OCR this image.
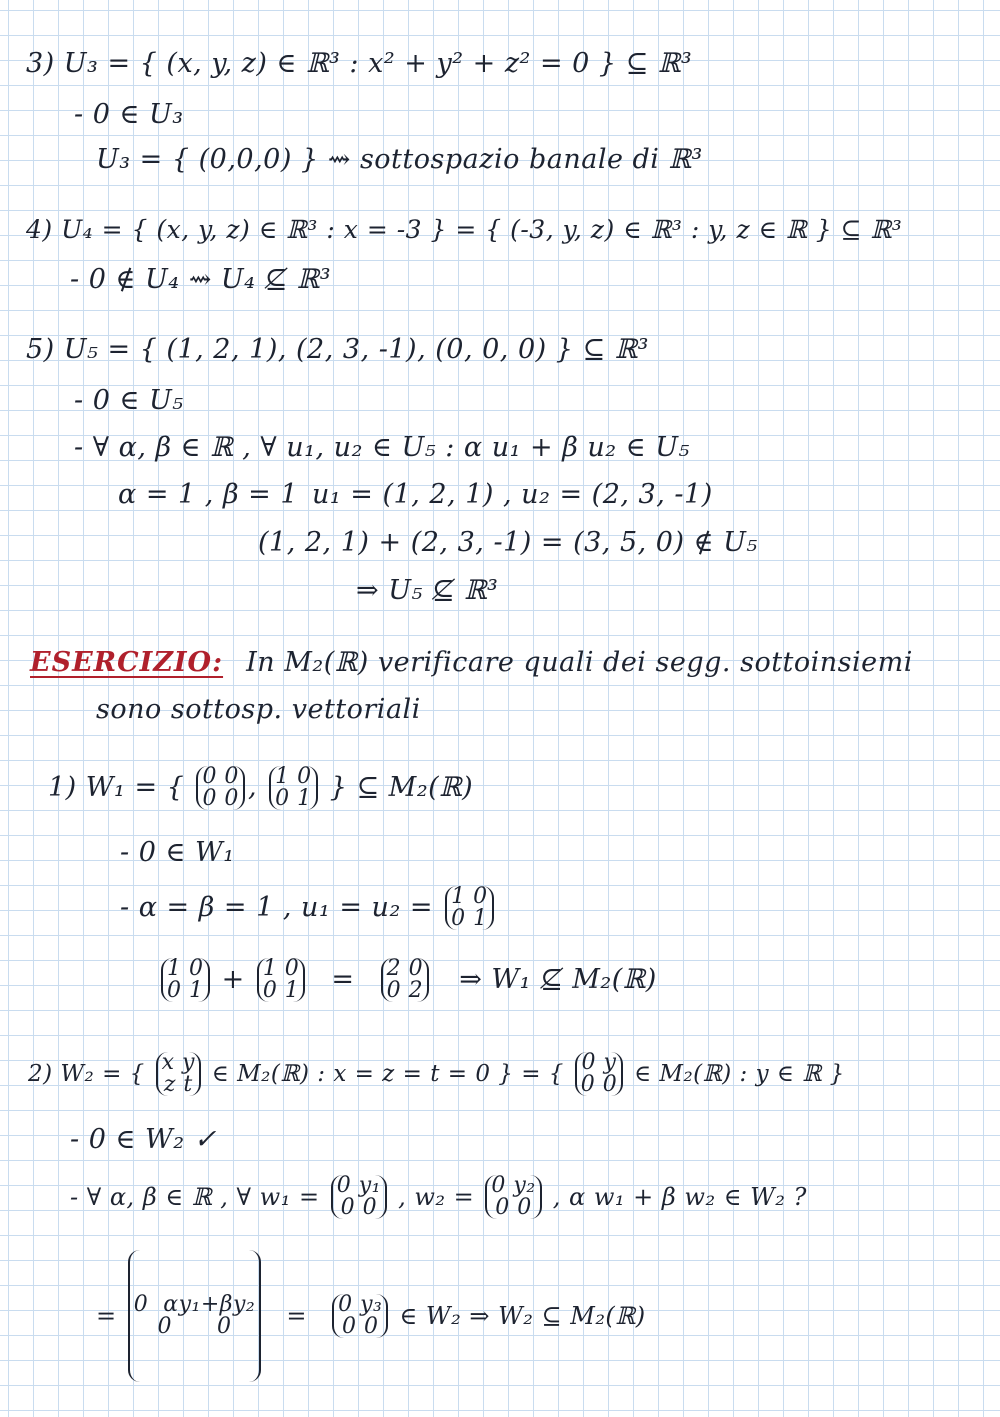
3) U₃ = { (x, y, z) ∈ ℝ³ : x² + y² + z² = 0 } ⊆ ℝ³
- 0 ∈ U₃
U₃ = { (0,0,0) } ⇝ sottospazio banale di ℝ³
4) U₄ = { (x, y, z) ∈ ℝ³ : x = -3 } = { (-3, y, z) ∈ ℝ³ : y, z ∈ ℝ } ⊆ ℝ³
- 0 ∉ U₄ ⇝ U₄ ⊈ ℝ³
5) U₅ = { (1, 2, 1), (2, 3, -1), (0, 0, 0) } ⊆ ℝ³
- 0 ∈ U₅
- ∀ α, β ∈ ℝ , ∀ u₁, u₂ ∈ U₅ : α u₁ + β u₂ ∈ U₅
α = 1 , β = 1 u₁ = (1, 2, 1) , u₂ = (2, 3, -1)
(1, 2, 1) + (2, 3, -1) = (3, 5, 0) ∉ U₅
⇒ U₅ ⊈ ℝ³
ESERCIZIO: In M₂(ℝ) verificare quali dei segg. sottoinsiemi
sono sottosp. vettoriali
1) W₁ = { 0 0
0 0 , 1 0
0 1 } ⊆ M₂(ℝ)
- 0 ∈ W₁
- α = β = 1 , u₁ = u₂ = 1 0
0 1
1 0
0 1 + 1 0
0 1 = 2 0
0 2 ⇒ W₁ ⊈ M₂(ℝ)
2) W₂ = { x y
z t ∈ M₂(ℝ) : x = z = t = 0 } = { 0 y
0 0 ∈ M₂(ℝ) : y ∈ ℝ }
- 0 ∈ W₂ ✓
- ∀ α, β ∈ ℝ , ∀ w₁ = 0 y₁
0 0 , w₂ = 0 y₂
0 0 , α w₁ + β w₂ ∈ W₂ ?
=
0  αy₁+βy₂
0      0	= 0 y₃
0 0 ∈ W₂ ⇒ W₂ ⊆ M₂(ℝ)
